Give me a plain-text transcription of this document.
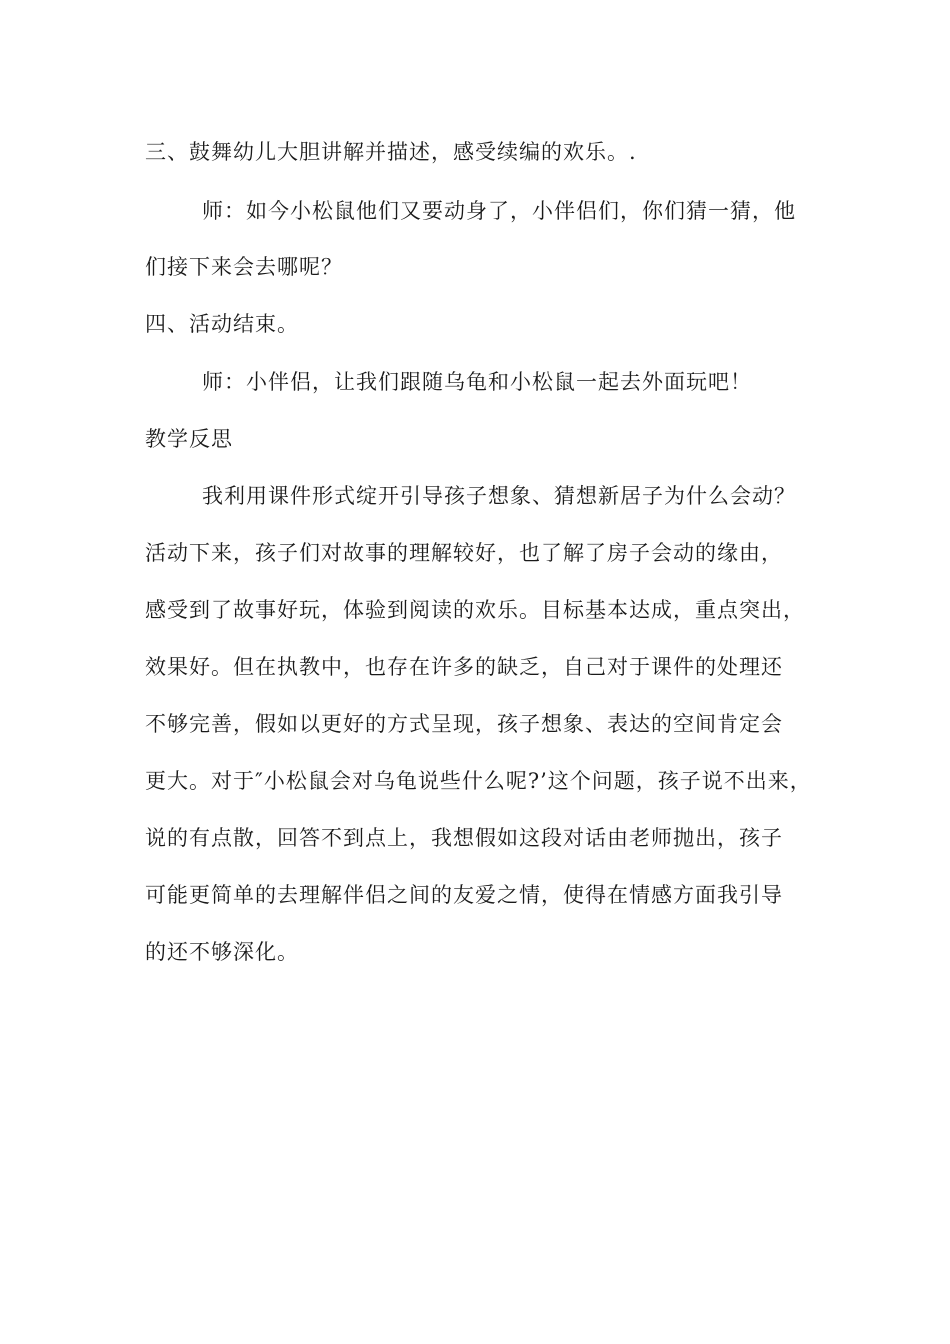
三、鼓舞幼儿大胆讲解并描述，感受续编的欢乐。.
师：如今小松鼠他们又要动身了，小伴侣们，你们猜一猜，他
们接下来会去哪呢？
四、活动结束。
师：小伴侣，让我们跟随乌龟和小松鼠一起去外面玩吧！
教学反思
我利用课件形式绽开引导孩子想象、猜想新居子为什么会动？
活动下来，孩子们对故事的理解较好，也了解了房子会动的缘由，
感受到了故事好玩，体验到阅读的欢乐。目标基本达成，重点突出，
效果好。但在执教中，也存在许多的缺乏，自己对于课件的处理还
不够完善，假如以更好的方式呈现，孩子想象、表达的空间肯定会
更大。对于″小松鼠会对乌龟说些什么呢?’这个问题，孩子说不出来，
说的有点散，回答不到点上，我想假如这段对话由老师抛出，孩子
可能更简单的去理解伴侣之间的友爱之情，使得在情感方面我引导
的还不够深化。
